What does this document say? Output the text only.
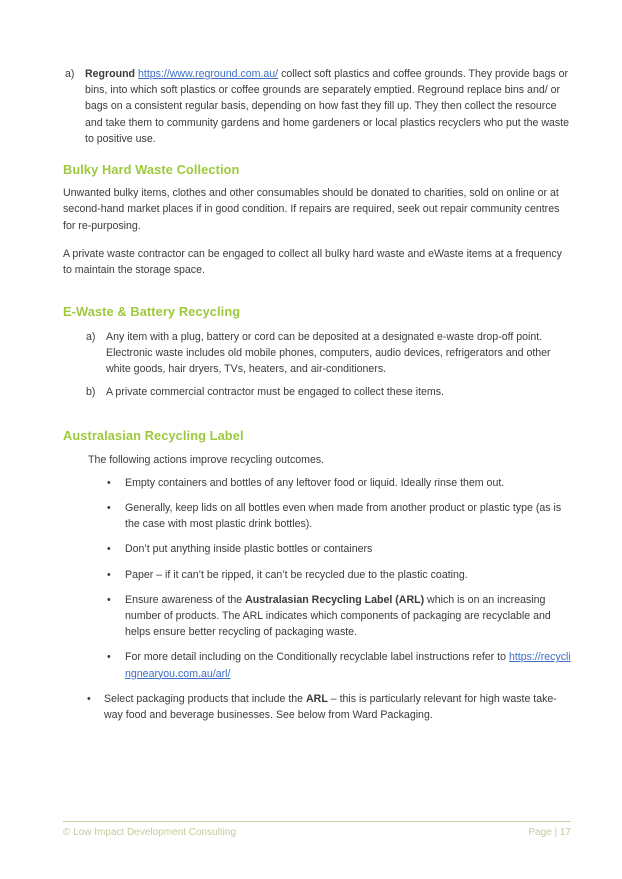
a) Reground https://www.reground.com.au/ collect soft plastics and coffee grounds. They provide bags or bins, into which soft plastics or coffee grounds are separately emptied. Reground replace bins and/ or bags on a consistent regular basis, depending on how fast they fill up. They then collect the resource and take them to community gardens and home gardeners or local plastics recyclers who put the waste to positive use.
Bulky Hard Waste Collection

Unwanted bulky items, clothes and other consumables should be donated to charities, sold on online or at second-hand market places if in good condition. If repairs are required, seek out repair community centres for re-purposing.

A private waste contractor can be engaged to collect all bulky hard waste and eWaste items at a frequency to maintain the storage space.

E-Waste & Battery Recycling
a) Any item with a plug, battery or cord can be deposited at a designated e-waste drop-off point. Electronic waste includes old mobile phones, computers, audio devices, refrigerators and other white goods, hair dryers, TVs, heaters, and air-conditioners.
b) A private commercial contractor must be engaged to collect these items.
Australasian Recycling Label

The following actions improve recycling outcomes.

• Empty containers and bottles of any leftover food or liquid. Ideally rinse them out.
• Generally, keep lids on all bottles even when made from another product or plastic type (as is the case with most plastic drink bottles).
• Don’t put anything inside plastic bottles or containers
• Paper – if it can’t be ripped, it can’t be recycled due to the plastic coating.
• Ensure awareness of the Australasian Recycling Label (ARL) which is on an increasing number of products. The ARL indicates which components of packaging are recyclable and helps ensure better recycling of packaging waste.
• For more detail including on the Conditionally recyclable label instructions refer to https://recyclingnearyou.com.au/arl/
• Select packaging products that include the ARL – this is particularly relevant for high waste take-way food and beverage businesses. See below from Ward Packaging.
© Low Impact Development Consulting	Page | 17
